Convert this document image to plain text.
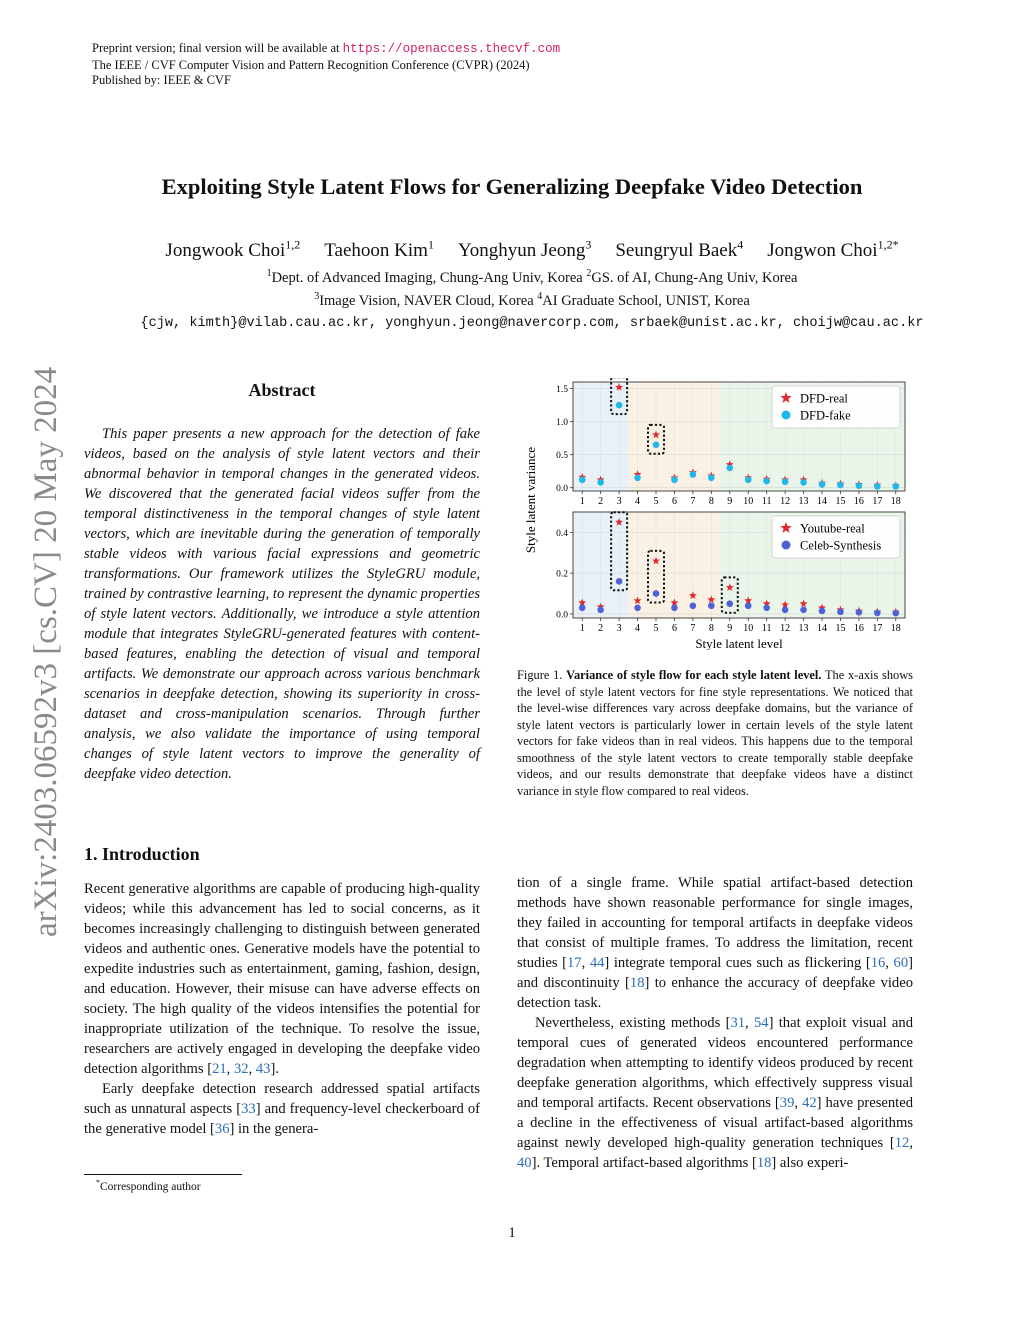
Preprint version; final version will be available at https://openaccess.thecvf.com
The IEEE / CVF Computer Vision and Pattern Recognition Conference (CVPR) (2024)
Published by: IEEE & CVF
arXiv:2403.06592v3 [cs.CV] 20 May 2024
Exploiting Style Latent Flows for Generalizing Deepfake Video Detection
Jongwook Choi$^{1,2}$ Taehoon Kim$^1$ Yonghyun Jeong$^3$ Seungryul Baek$^4$ Jongwon Choi$^{1,2*}$
$^1$Dept. of Advanced Imaging, Chung-Ang Univ, Korea $^2$GS. of AI, Chung-Ang Univ, Korea
$^3$Image Vision, NAVER Cloud, Korea $^4$AI Graduate School, UNIST, Korea
{cjw, kimth}@vilab.cau.ac.kr, yonghyun.jeong@navercorp.com, srbaek@unist.ac.kr, choijw@cau.ac.kr
Abstract
This paper presents a new approach for the detection of fake videos, based on the analysis of style latent vectors and their abnormal behavior in temporal changes in the generated videos. We discovered that the generated facial videos suffer from the temporal distinctiveness in the temporal changes of style latent vectors, which are inevitable during the generation of temporally stable videos with various facial expressions and geometric transformations. Our framework utilizes the StyleGRU module, trained by contrastive learning, to represent the dynamic properties of style latent vectors. Additionally, we introduce a style attention module that integrates StyleGRU-generated features with content-based features, enabling the detection of visual and temporal artifacts. We demonstrate our approach across various benchmark scenarios in deepfake detection, showing its superiority in cross-dataset and cross-manipulation scenarios. Through further analysis, we also validate the importance of using temporal changes of style latent vectors to improve the generality of deepfake video detection.
1. Introduction

Recent generative algorithms are capable of producing high-quality videos; while this advancement has led to social concerns, as it becomes increasingly challenging to distinguish between generated videos and authentic ones. Generative models have the potential to expedite industries such as entertainment, gaming, fashion, design, and education. However, their misuse can have adverse effects on society. The high quality of the videos intensifies the potential for inappropriate utilization of the technique. To resolve the issue, researchers are actively engaged in developing the deepfake video detection algorithms [21, 32, 43].

Early deepfake detection research addressed spatial artifacts such as unnatural aspects [33] and frequency-level checkerboard of the generative model [36] in the genera-

*Corresponding author

tion of a single frame. While spatial artifact-based detection methods have shown reasonable performance for single images, they failed in accounting for temporal artifacts in deepfake videos that consist of multiple frames. To address the limitation, recent studies [17, 44] integrate temporal cues such as flickering [16, 60] and discontinuity [18] to enhance the accuracy of deepfake video detection task.

Nevertheless, existing methods [31, 54] that exploit visual and temporal cues of generated videos encountered performance degradation when attempting to identify videos produced by recent deepfake generation algorithms, which effectively suppress visual and temporal artifacts. Recent observations [39, 42] have presented a decline in the effectiveness of visual artifact-based algorithms against newly developed high-quality generation techniques [12, 40]. Temporal artifact-based algorithms [18] also experi-

0.0
0.5
1.0
1.5
1 2 3 4 5 6 7 8 9 10 11 12 13 14 15 16 17 18
DFD-real
DFD-fake
0.0
0.2
0.4
1 2 3 4 5 6 7 8 9 10 11 12 13 14 15 16 17 18
Youtube-real
Celeb-Synthesis
Style latent variance
Style latent level
Figure 1. Variance of style flow for each style latent level. The x-axis shows the level of style latent vectors for fine style representations. We noticed that the level-wise differences vary across deepfake domains, but the variance of style latent vectors is particularly lower in certain levels of the style latent vectors for fake videos than in real videos. This happens due to the temporal smoothness of the style latent vectors to create temporally stable deepfake videos, and our results demonstrate that deepfake videos have a distinct variance in style flow compared to real videos.
1
